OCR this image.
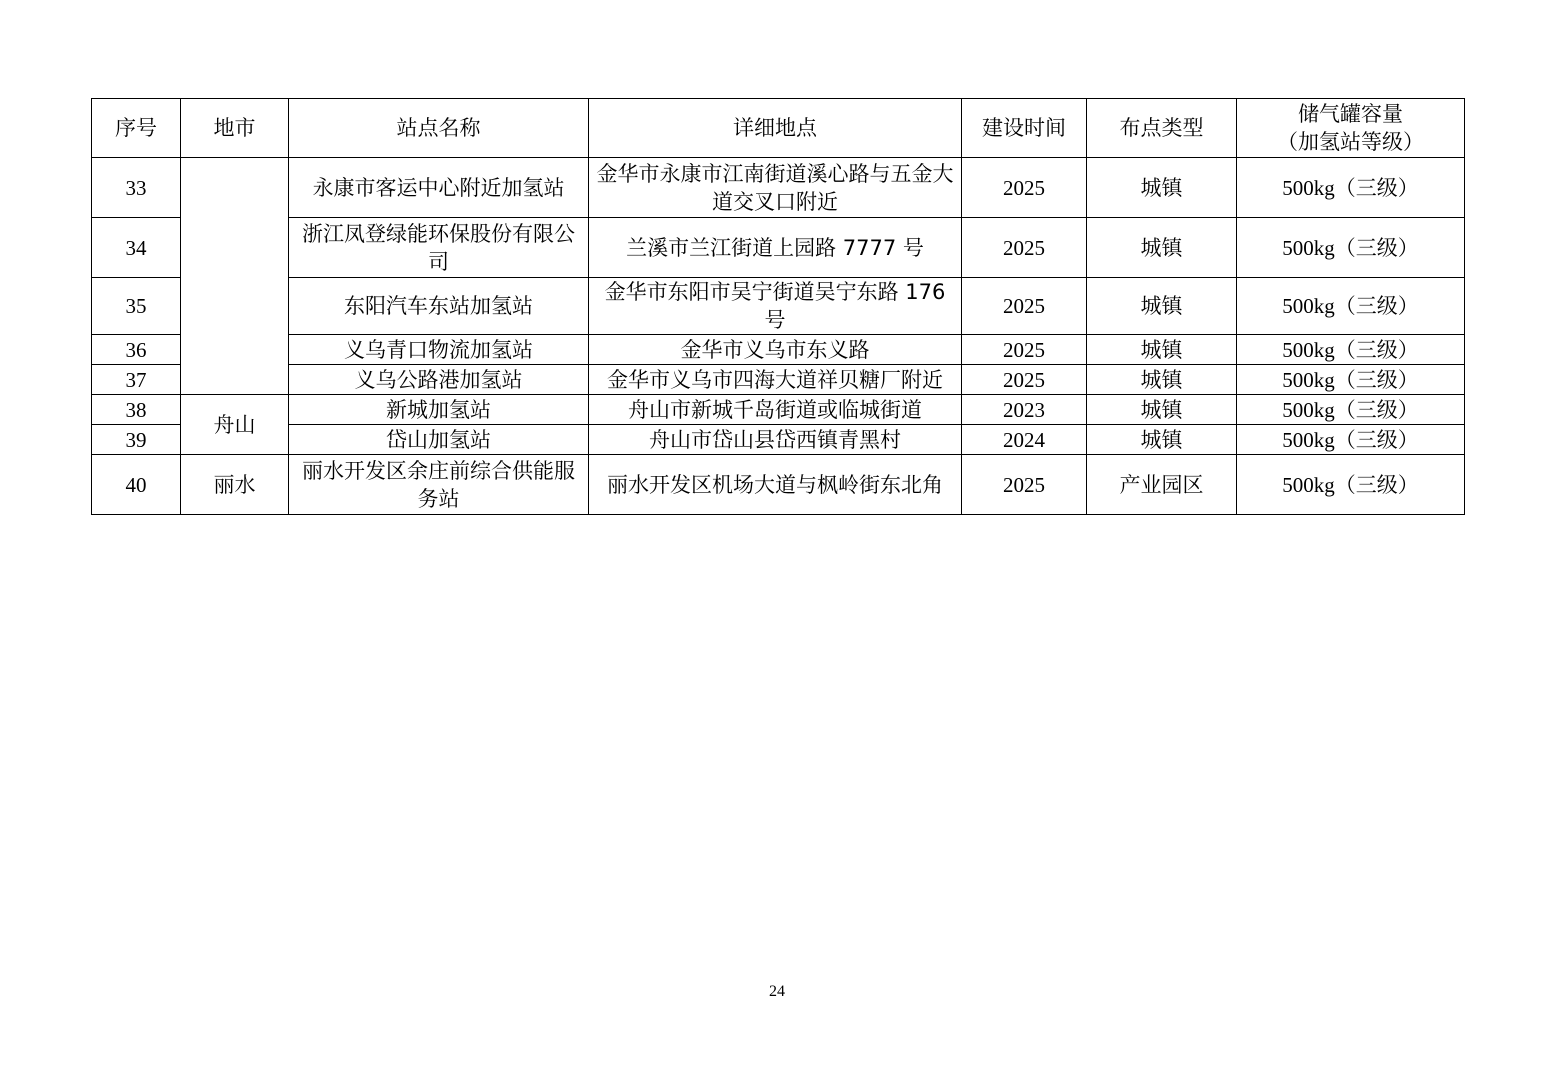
序号	地市	站点名称	详细地点	建设时间	布点类型	储气罐容量
（加氢站等级）

33		永康市客运中心附近加氢站	金华市永康市江南街道溪心路与五金大道交叉口附近	2025	城镇	500kg（三级）
34		浙江凤登绿能环保股份有限公司	兰溪市兰江街道上园路 7777 号	2025	城镇	500kg（三级）
35		东阳汽车东站加氢站	金华市东阳市吴宁街道吴宁东路 176 号	2025	城镇	500kg（三级）
36		义乌青口物流加氢站	金华市义乌市东义路	2025	城镇	500kg（三级）
37		义乌公路港加氢站	金华市义乌市四海大道祥贝糖厂附近	2025	城镇	500kg（三级）
38	舟山	新城加氢站	舟山市新城千岛街道或临城街道	2023	城镇	500kg（三级）
39		岱山加氢站	舟山市岱山县岱西镇青黑村	2024	城镇	500kg（三级）
40	丽水	丽水开发区余庄前综合供能服务站	丽水开发区机场大道与枫岭街东北角	2025	产业园区	500kg（三级）
24
